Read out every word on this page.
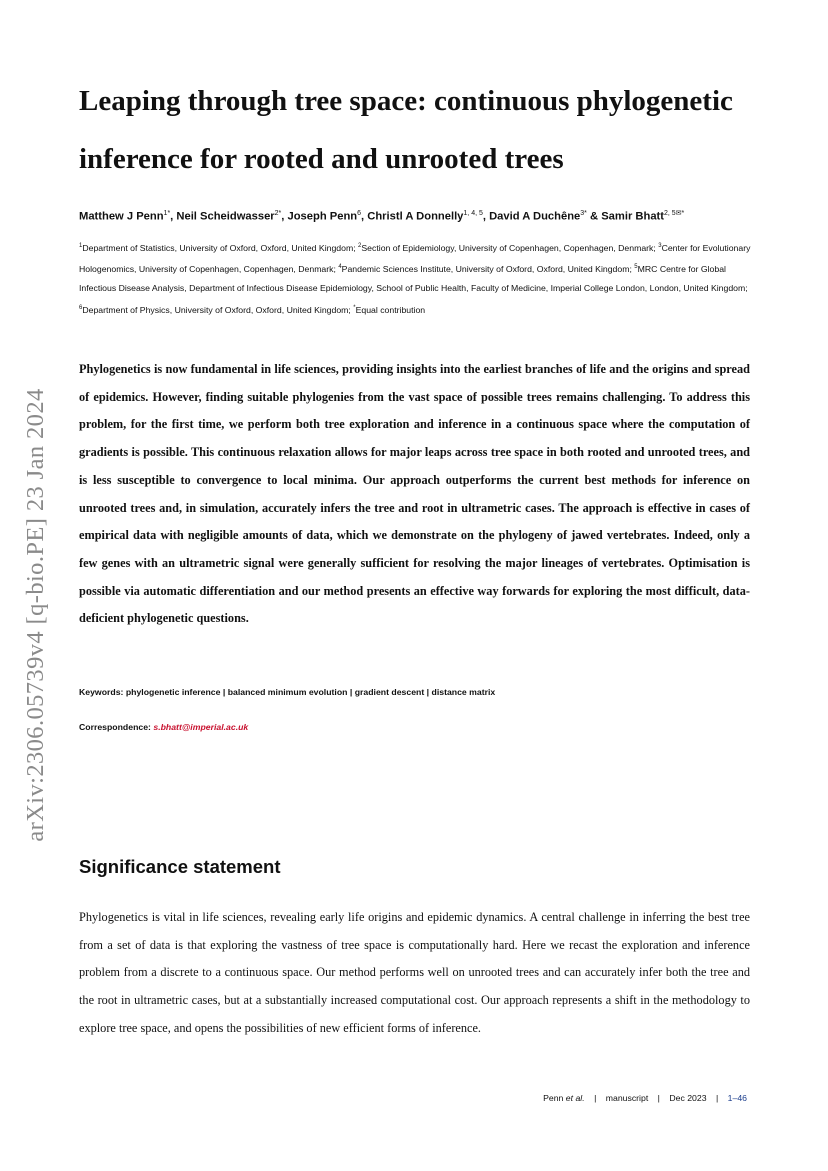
arXiv:2306.05739v4 [q-bio.PE] 23 Jan 2024
Leaping through tree space: continuous phylogenetic inference for rooted and unrooted trees

Matthew J Penn$^{1*}$, Neil Scheidwasser$^{2*}$, Joseph Penn$^6$, Christl A Donnelly$^{1, 4, 5}$, David A Duchêne$^{3*}$ & Samir Bhatt$^{2, 5✉*}$

$^1$Department of Statistics, University of Oxford, Oxford, United Kingdom; $^2$Section of Epidemiology, University of Copenhagen, Copenhagen, Denmark; $^3$Center for Evolutionary Hologenomics, University of Copenhagen, Copenhagen, Denmark; $^4$Pandemic Sciences Institute, University of Oxford, Oxford, United Kingdom; $^5$MRC Centre for Global Infectious Disease Analysis, Department of Infectious Disease Epidemiology, School of Public Health, Faculty of Medicine, Imperial College London, London, United Kingdom; $^6$Department of Physics, University of Oxford, Oxford, United Kingdom; *Equal contribution

Phylogenetics is now fundamental in life sciences, providing insights into the earliest branches of life and the origins and spread of epidemics. However, finding suitable phylogenies from the vast space of possible trees remains challenging. To address this problem, for the first time, we perform both tree exploration and inference in a continuous space where the computation of gradients is possible. This continuous relaxation allows for major leaps across tree space in both rooted and unrooted trees, and is less susceptible to convergence to local minima. Our approach outperforms the current best methods for inference on unrooted trees and, in simulation, accurately infers the tree and root in ultrametric cases. The approach is effective in cases of empirical data with negligible amounts of data, which we demonstrate on the phylogeny of jawed vertebrates. Indeed, only a few genes with an ultrametric signal were generally sufficient for resolving the major lineages of vertebrates. Optimisation is possible via automatic differentiation and our method presents an effective way forwards for exploring the most difficult, data-deficient phylogenetic questions.

Keywords: phylogenetic inference | balanced minimum evolution | gradient descent | distance matrix

Correspondence: s.bhatt@imperial.ac.uk

Significance statement

Phylogenetics is vital in life sciences, revealing early life origins and epidemic dynamics. A central challenge in inferring the best tree from a set of data is that exploring the vastness of tree space is computationally hard. Here we recast the exploration and inference problem from a discrete to a continuous space. Our method performs well on unrooted trees and can accurately infer both the tree and the root in ultrametric cases, but at a substantially increased computational cost. Our approach represents a shift in the methodology to explore tree space, and opens the possibilities of new efficient forms of inference.

Penn et al. | manuscript | Dec 2023 | 1–46
